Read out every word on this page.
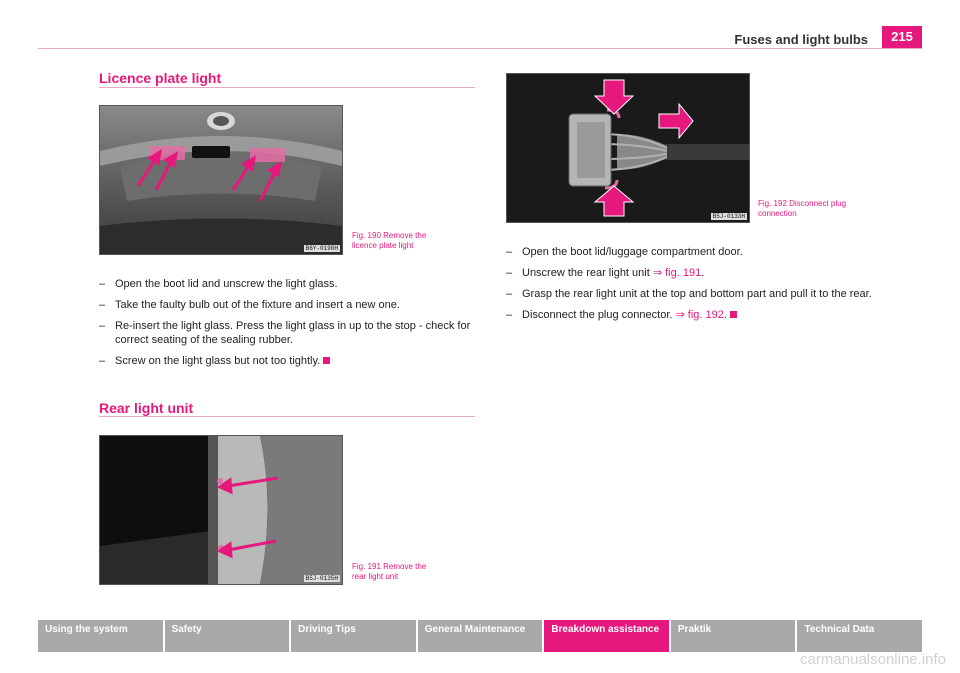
Fuses and light bulbs	215
Licence plate light
B6Y-0190H
Fig. 190 Remove the
licence plate light
– Open the boot lid and unscrew the light glass.
– Take the faulty bulb out of the fixture and insert a new one.
– Re-insert the light glass. Press the light glass in up to the stop - check for correct seating of the sealing rubber.
– Screw on the light glass but not too tightly.
Rear light unit
B5J-0135H
Fig. 191 Remove the
rear light unit
B5J-0133H
Fig. 192 Disconnect plug
connection
– Open the boot lid/luggage compartment door.
– Unscrew the rear light unit ⇒ fig. 191.
– Grasp the rear light unit at the top and bottom part and pull it to the rear.
– Disconnect the plug connector. ⇒ fig. 192.
Using the system	Safety	Driving Tips	General Maintenance	Breakdown assistance	Praktik	Technical Data
carmanualsonline.info
